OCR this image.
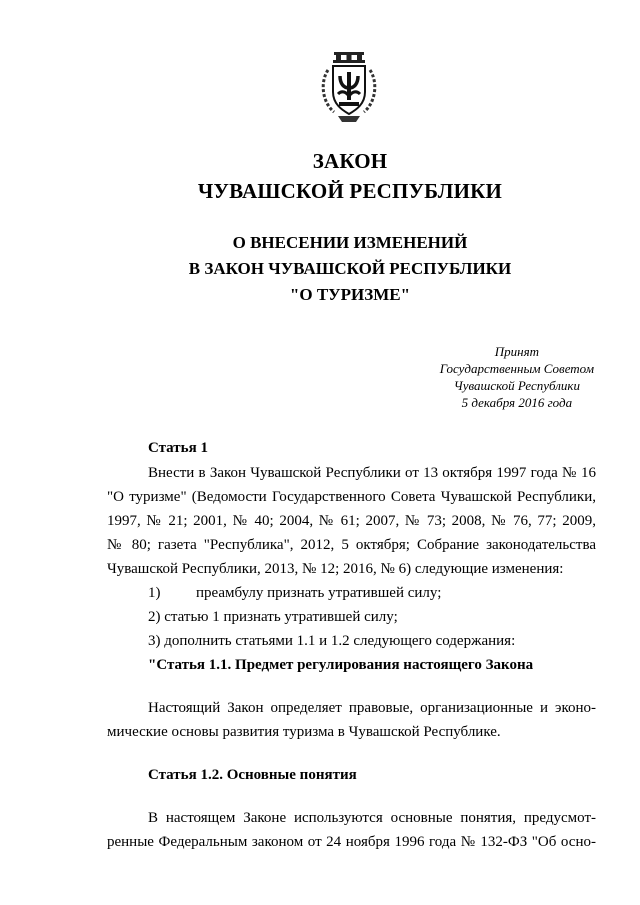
ЗАКОН
ЧУВАШСКОЙ РЕСПУБЛИКИ
О ВНЕСЕНИИ ИЗМЕНЕНИЙ
В ЗАКОН ЧУВАШСКОЙ РЕСПУБЛИКИ
"О ТУРИЗМЕ"
Принят
Государственным Советом
Чувашской Республики
5 декабря 2016 года
Статья 1
Внести в Закон Чувашской Республики от 13 октября 1997 года № 16
"О туризме" (Ведомости Государственного Совета Чувашской Республики,
1997, № 21; 2001, № 40; 2004, № 61; 2007, № 73; 2008, № 76, 77; 2009,
№ 80; газета "Республика", 2012, 5 октября; Собрание законодательства
Чувашской Республики, 2013, № 12; 2016, № 6) следующие изменения:
1) преамбулу признать утратившей силу;
2) статью 1 признать утратившей силу;
3) дополнить статьями 1.1 и 1.2 следующего содержания:
"Статья 1.1. Предмет регулирования настоящего Закона
Настоящий Закон определяет правовые, организационные и эконо-
мические основы развития туризма в Чувашской Республике.
Статья 1.2. Основные понятия
В настоящем Законе используются основные понятия, предусмот-
ренные Федеральным законом от 24 ноября 1996 года № 132-ФЗ "Об осно-
